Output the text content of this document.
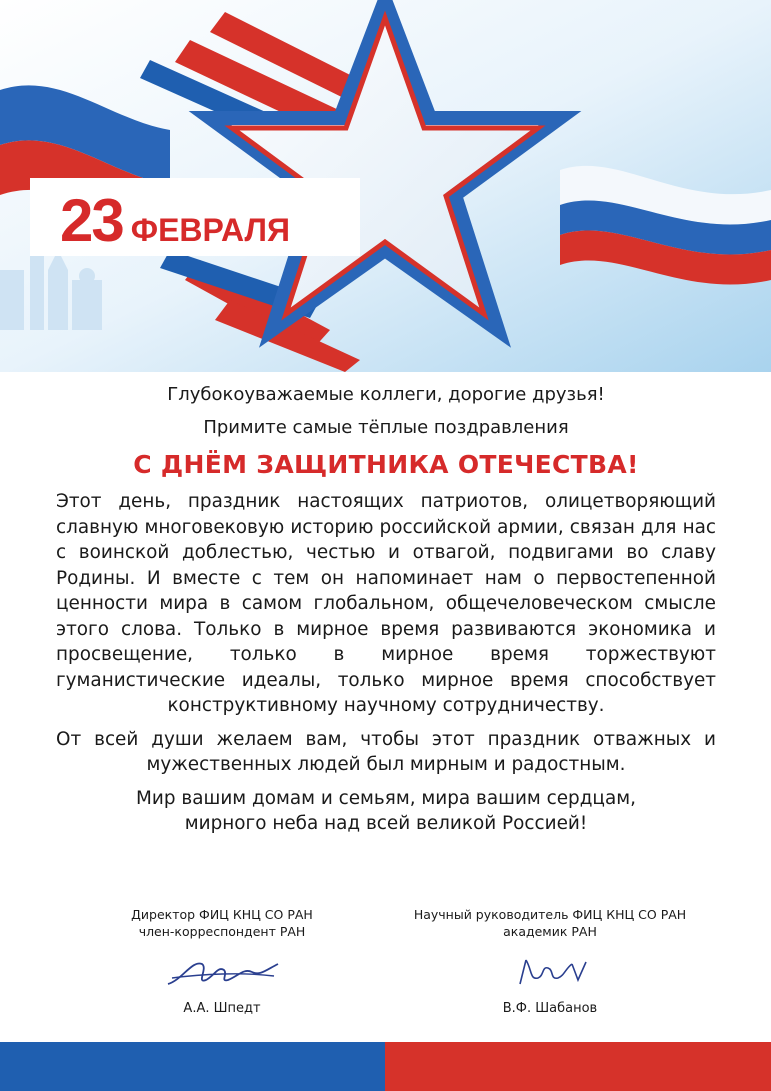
23 ФЕВРАЛЯ

Глубокоуважаемые коллеги, дорогие друзья!

Примите самые тёплые поздравления

С ДНЁМ ЗАЩИТНИКА ОТЕЧЕСТВА!

Этот день, праздник настоящих патриотов, олицетворяющий славную многовековую историю российской армии, связан для нас с воинской доблестью, честью и отвагой, подвигами во славу Родины. И вместе с тем он напоминает нам о первостепенной ценности мира в самом глобальном, общечеловеческом смысле этого слова. Только в мирное время развиваются экономика и просвещение, только в мирное время торжествуют гуманистические идеалы, только мирное время способствует конструктивному научному сотрудничеству.

От всей души желаем вам, чтобы этот праздник отважных и мужественных людей был мирным и радостным.

Мир вашим домам и семьям, мира вашим сердцам,
мирного неба над всей великой Россией!

Директор ФИЦ КНЦ СО РАН
член-корреспондент РАН
А.А. Шпедт
Научный руководитель ФИЦ КНЦ СО РАН
академик РАН
В.Ф. Шабанов
